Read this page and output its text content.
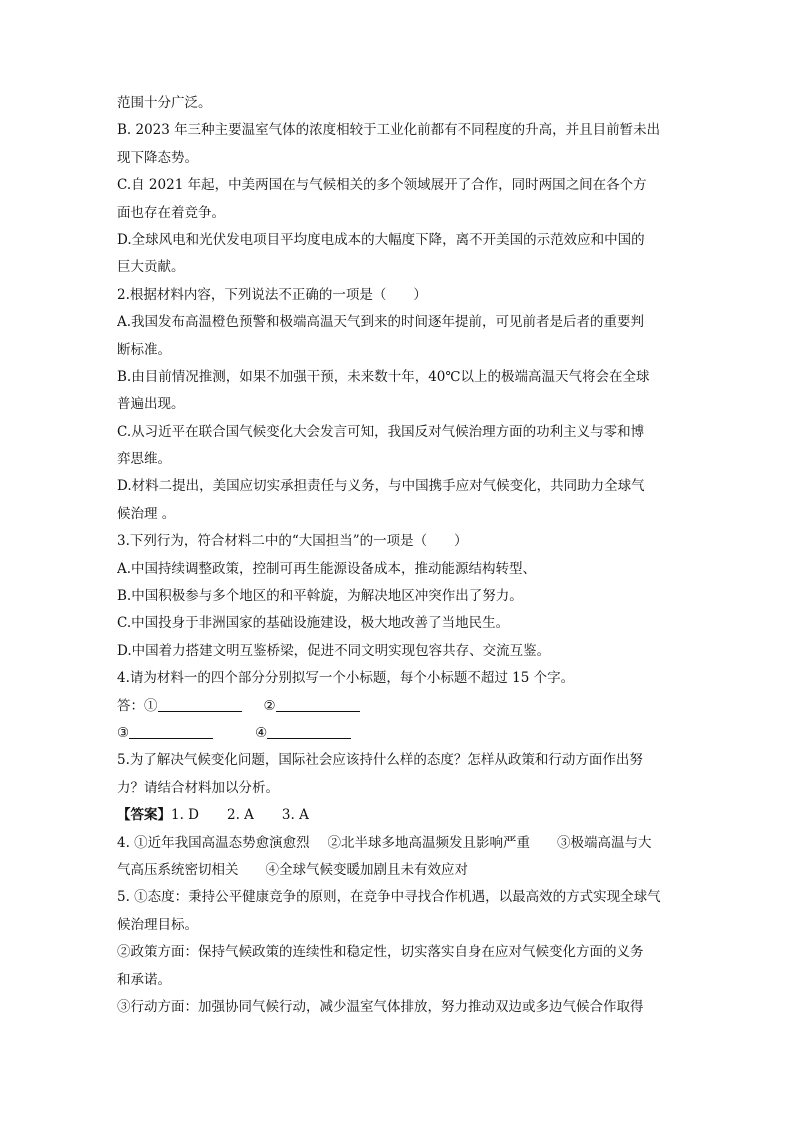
范围十分广泛。
B. 2023 年三种主要温室气体的浓度相较于工业化前都有不同程度的升高，并且目前暂未出
现下降态势。
C.自 2021 年起，中美两国在与气候相关的多个领域展开了合作，同时两国之间在各个方
面也存在着竞争。
D.全球风电和光伏发电项目平均度电成本的大幅度下降，离不开美国的示范效应和中国的
巨大贡献。
2.根据材料内容，下列说法不正确的一项是（　　）
A.我国发布高温橙色预警和极端高温天气到来的时间逐年提前，可见前者是后者的重要判
断标准。
B.由目前情况推测，如果不加强干预，未来数十年，40℃以上的极端高温天气将会在全球
普遍出现。
C.从习近平在联合国气候变化大会发言可知，我国反对气候治理方面的功利主义与零和博
弈思维。
D.材料二提出，美国应切实承担责任与义务，与中国携手应对气候变化，共同助力全球气
候治理 。
3.下列行为，符合材料二中的“大国担当”的一项是（　　）
A.中国持续调整政策，控制可再生能源设备成本，推动能源结构转型、
B.中国积极参与多个地区的和平斡旋，为解决地区冲突作出了努力。
C.中国投身于非洲国家的基础设施建设，极大地改善了当地民生。
D.中国着力搭建文明互鉴桥梁，促进不同文明实现包容共存、交流互鉴。
4.请为材料一的四个部分分别拟写一个小标题，每个小标题不超过 15 个字。
答：①	②
③	④
5.为了解决气候变化问题，国际社会应该持什么样的态度？怎样从政策和行动方面作出努
力？请结合材料加以分析。
【答案】1. D 2. A 3. A
4. ①近年我国高温态势愈演愈烈　 ②北半球多地高温频发且影响严重　　③极端高温与大
气高压系统密切相关　　④全球气候变暖加剧且未有效应对
5. ①态度：秉持公平健康竞争的原则，在竞争中寻找合作机遇，以最高效的方式实现全球气
候治理目标。
②政策方面：保持气候政策的连续性和稳定性，切实落实自身在应对气候变化方面的义务
和承诺。
③行动方面：加强协同气候行动，减少温室气体排放，努力推动双边或多边气候合作取得
